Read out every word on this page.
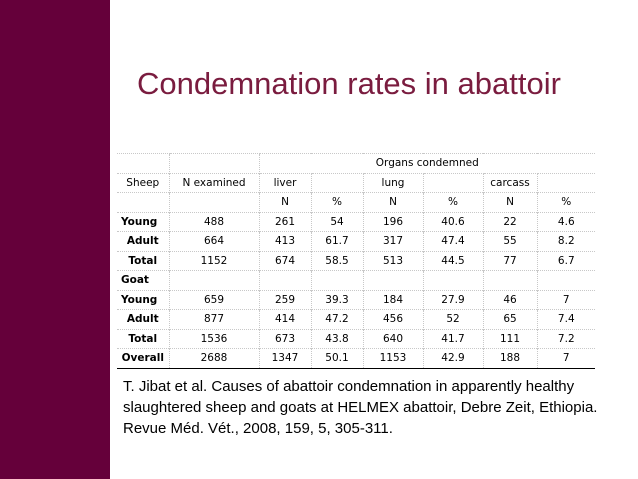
Condemnation rates in abattoir
		Organs condemned					
Sheep	N examined	liver		lung		carcass	
		N	%	N	%	N	%
Young	488	261	54	196	40.6	22	4.6
Adult	664	413	61.7	317	47.4	55	8.2
Total	1152	674	58.5	513	44.5	77	6.7
Goat							
Young	659	259	39.3	184	27.9	46	7
Adult	877	414	47.2	456	52	65	7.4
Total	1536	673	43.8	640	41.7	111	7.2
Overall	2688	1347	50.1	1153	42.9	188	7

T. Jibat et al. Causes of abattoir condemnation in apparently healthy slaughtered sheep and goats at HELMEX abattoir, Debre Zeit, Ethiopia. Revue Méd. Vét., 2008, 159, 5, 305-311.
